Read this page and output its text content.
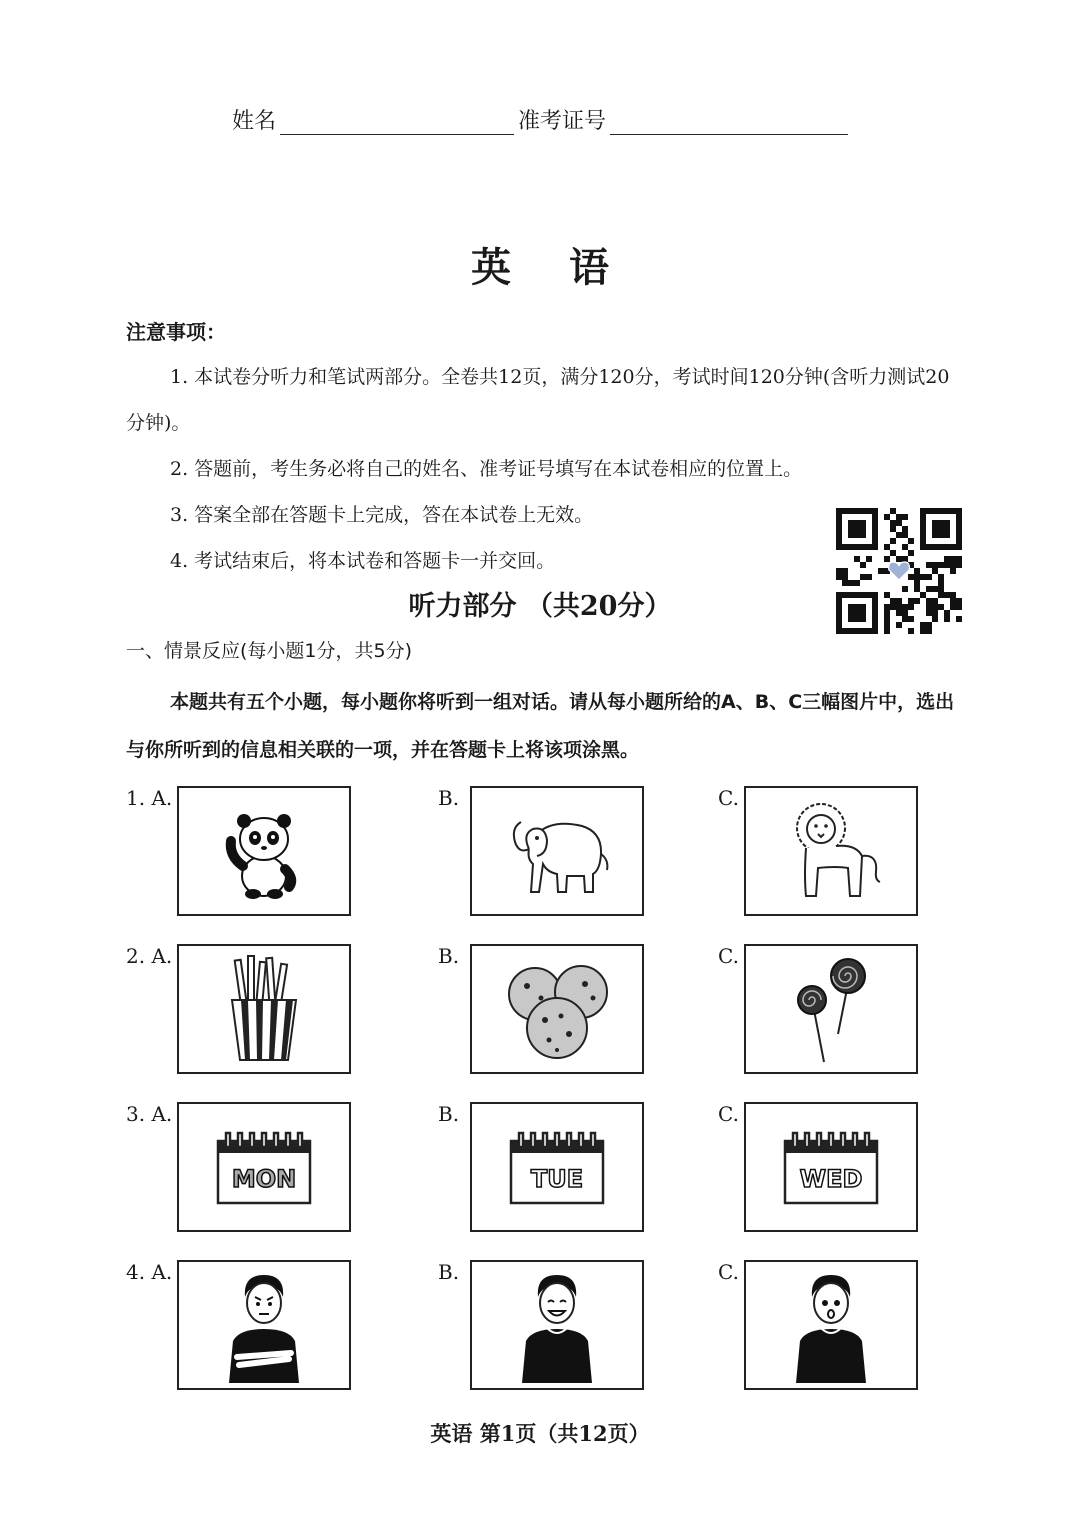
姓名	准考证号
英语
注意事项：

1. 本试卷分听力和笔试两部分。全卷共12页，满分120分，考试时间120分钟(含听力测试20分钟)。

2. 答题前，考生务必将自己的姓名、准考证号填写在本试卷相应的位置上。

3. 答案全部在答题卡上完成，答在本试卷上无效。

4. 考试结束后，将本试卷和答题卡一并交回。

听力部分 （共20分）
一、情景反应(每小题1分，共5分)

本题共有五个小题，每小题你将听到一组对话。请从每小题所给的A、B、C三幅图片中，选出与你所听到的信息相关联的一项，并在答题卡上将该项涂黑。

1. A.	B.	C.
2. A.	B.	C.
3. A.	B.	C.
MON	TUE	WED
4. A.	B.	C.
英语 第1页（共12页）
